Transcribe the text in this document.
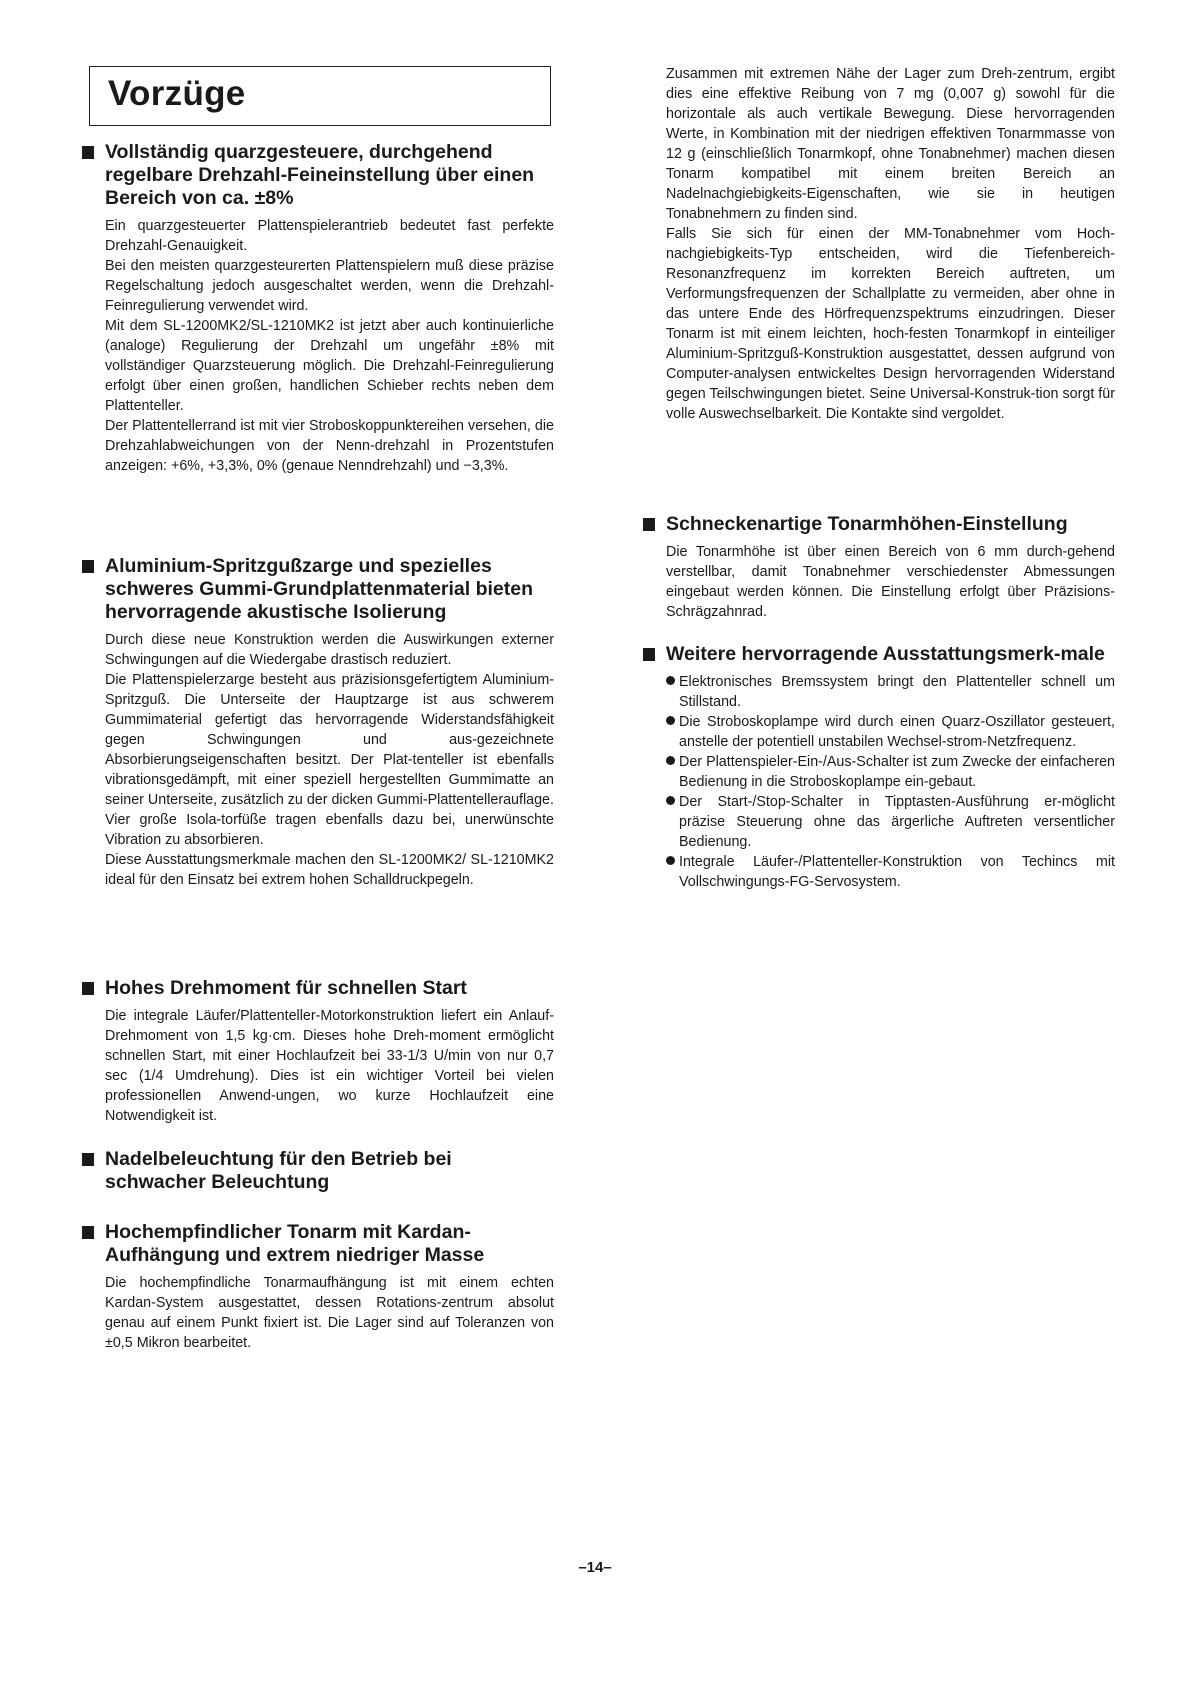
Vorzüge
Vollständig quarzgesteuere, durchgehend regelbare Drehzahl-Feineinstellung über einen Bereich von ca. ±8%

Ein quarzgesteuerter Plattenspielerantrieb bedeutet fast perfekte Drehzahl-Genauigkeit.

Bei den meisten quarzgesteurerten Plattenspielern muß diese präzise Regelschaltung jedoch ausgeschaltet werden, wenn die Drehzahl-Feinregulierung verwendet wird.

Mit dem SL-1200MK2/SL-1210MK2 ist jetzt aber auch kontinuierliche (analoge) Regulierung der Drehzahl um ungefähr ±8% mit vollständiger Quarzsteuerung möglich. Die Drehzahl-Feinregulierung erfolgt über einen großen, handlichen Schieber rechts neben dem Plattenteller.

Der Plattentellerrand ist mit vier Stroboskoppunktereihen versehen, die Drehzahlabweichungen von der Nenn-drehzahl in Prozentstufen anzeigen: +6%, +3,3%, 0% (genaue Nenndrehzahl) und −3,3%.

Aluminium-Spritzgußzarge und spezielles schweres Gummi-Grundplattenmaterial bieten hervorragende akustische Isolierung

Durch diese neue Konstruktion werden die Auswirkungen externer Schwingungen auf die Wiedergabe drastisch reduziert.

Die Plattenspielerzarge besteht aus präzisionsgefertigtem Aluminium-Spritzguß. Die Unterseite der Hauptzarge ist aus schwerem Gummimaterial gefertigt das hervorragende Widerstandsfähigkeit gegen Schwingungen und aus-gezeichnete Absorbierungseigenschaften besitzt. Der Plat-tenteller ist ebenfalls vibrationsgedämpft, mit einer speziell hergestellten Gummimatte an seiner Unterseite, zusätzlich zu der dicken Gummi-Plattentellerauflage. Vier große Isola-torfüße tragen ebenfalls dazu bei, unerwünschte Vibration zu absorbieren.

Diese Ausstattungsmerkmale machen den SL-1200MK2/ SL-1210MK2 ideal für den Einsatz bei extrem hohen Schalldruckpegeln.

Hohes Drehmoment für schnellen Start

Die integrale Läufer/Plattenteller-Motorkonstruktion liefert ein Anlauf-Drehmoment von 1,5 kg·cm. Dieses hohe Dreh-moment ermöglicht schnellen Start, mit einer Hochlaufzeit bei 33-1/3 U/min von nur 0,7 sec (1/4 Umdrehung). Dies ist ein wichtiger Vorteil bei vielen professionellen Anwend-ungen, wo kurze Hochlaufzeit eine Notwendigkeit ist.

Nadelbeleuchtung für den Betrieb bei schwacher Beleuchtung
Hochempfindlicher Tonarm mit Kardan-Aufhängung und extrem niedriger Masse

Die hochempfindliche Tonarmaufhängung ist mit einem echten Kardan-System ausgestattet, dessen Rotations-zentrum absolut genau auf einem Punkt fixiert ist. Die Lager sind auf Toleranzen von ±0,5 Mikron bearbeitet.

Zusammen mit extremen Nähe der Lager zum Dreh-zentrum, ergibt dies eine effektive Reibung von 7 mg (0,007 g) sowohl für die horizontale als auch vertikale Bewegung. Diese hervorragenden Werte, in Kombination mit der niedrigen effektiven Tonarmmasse von 12 g (einschließlich Tonarmkopf, ohne Tonabnehmer) machen diesen Tonarm kompatibel mit einem breiten Bereich an Nadelnachgiebigkeits-Eigenschaften, wie sie in heutigen Tonabnehmern zu finden sind.

Falls Sie sich für einen der MM-Tonabnehmer vom Hoch-nachgiebigkeits-Typ entscheiden, wird die Tiefenbereich-Resonanzfrequenz im korrekten Bereich auftreten, um Verformungsfrequenzen der Schallplatte zu vermeiden, aber ohne in das untere Ende des Hörfrequenzspektrums einzudringen. Dieser Tonarm ist mit einem leichten, hoch-festen Tonarmkopf in einteiliger Aluminium-Spritzguß-Konstruktion ausgestattet, dessen aufgrund von Computer-analysen entwickeltes Design hervorragenden Widerstand gegen Teilschwingungen bietet. Seine Universal-Konstruk-tion sorgt für volle Auswechselbarkeit. Die Kontakte sind vergoldet.

Schneckenartige Tonarmhöhen-Einstellung

Die Tonarmhöhe ist über einen Bereich von 6 mm durch-gehend verstellbar, damit Tonabnehmer verschiedenster Abmessungen eingebaut werden können. Die Einstellung erfolgt über Präzisions-Schrägzahnrad.

Weitere hervorragende Ausstattungsmerk-male
Elektronisches Bremssystem bringt den Plattenteller schnell um Stillstand.
Die Stroboskoplampe wird durch einen Quarz-Oszillator gesteuert, anstelle der potentiell unstabilen Wechsel-strom-Netzfrequenz.
Der Plattenspieler-Ein-/Aus-Schalter ist zum Zwecke der einfacheren Bedienung in die Stroboskoplampe ein-gebaut.
Der Start-/Stop-Schalter in Tipptasten-Ausführung er-möglicht präzise Steuerung ohne das ärgerliche Auftreten versentlicher Bedienung.
Integrale Läufer-/Plattenteller-Konstruktion von Techincs mit Vollschwingungs-FG-Servosystem.
–14–
